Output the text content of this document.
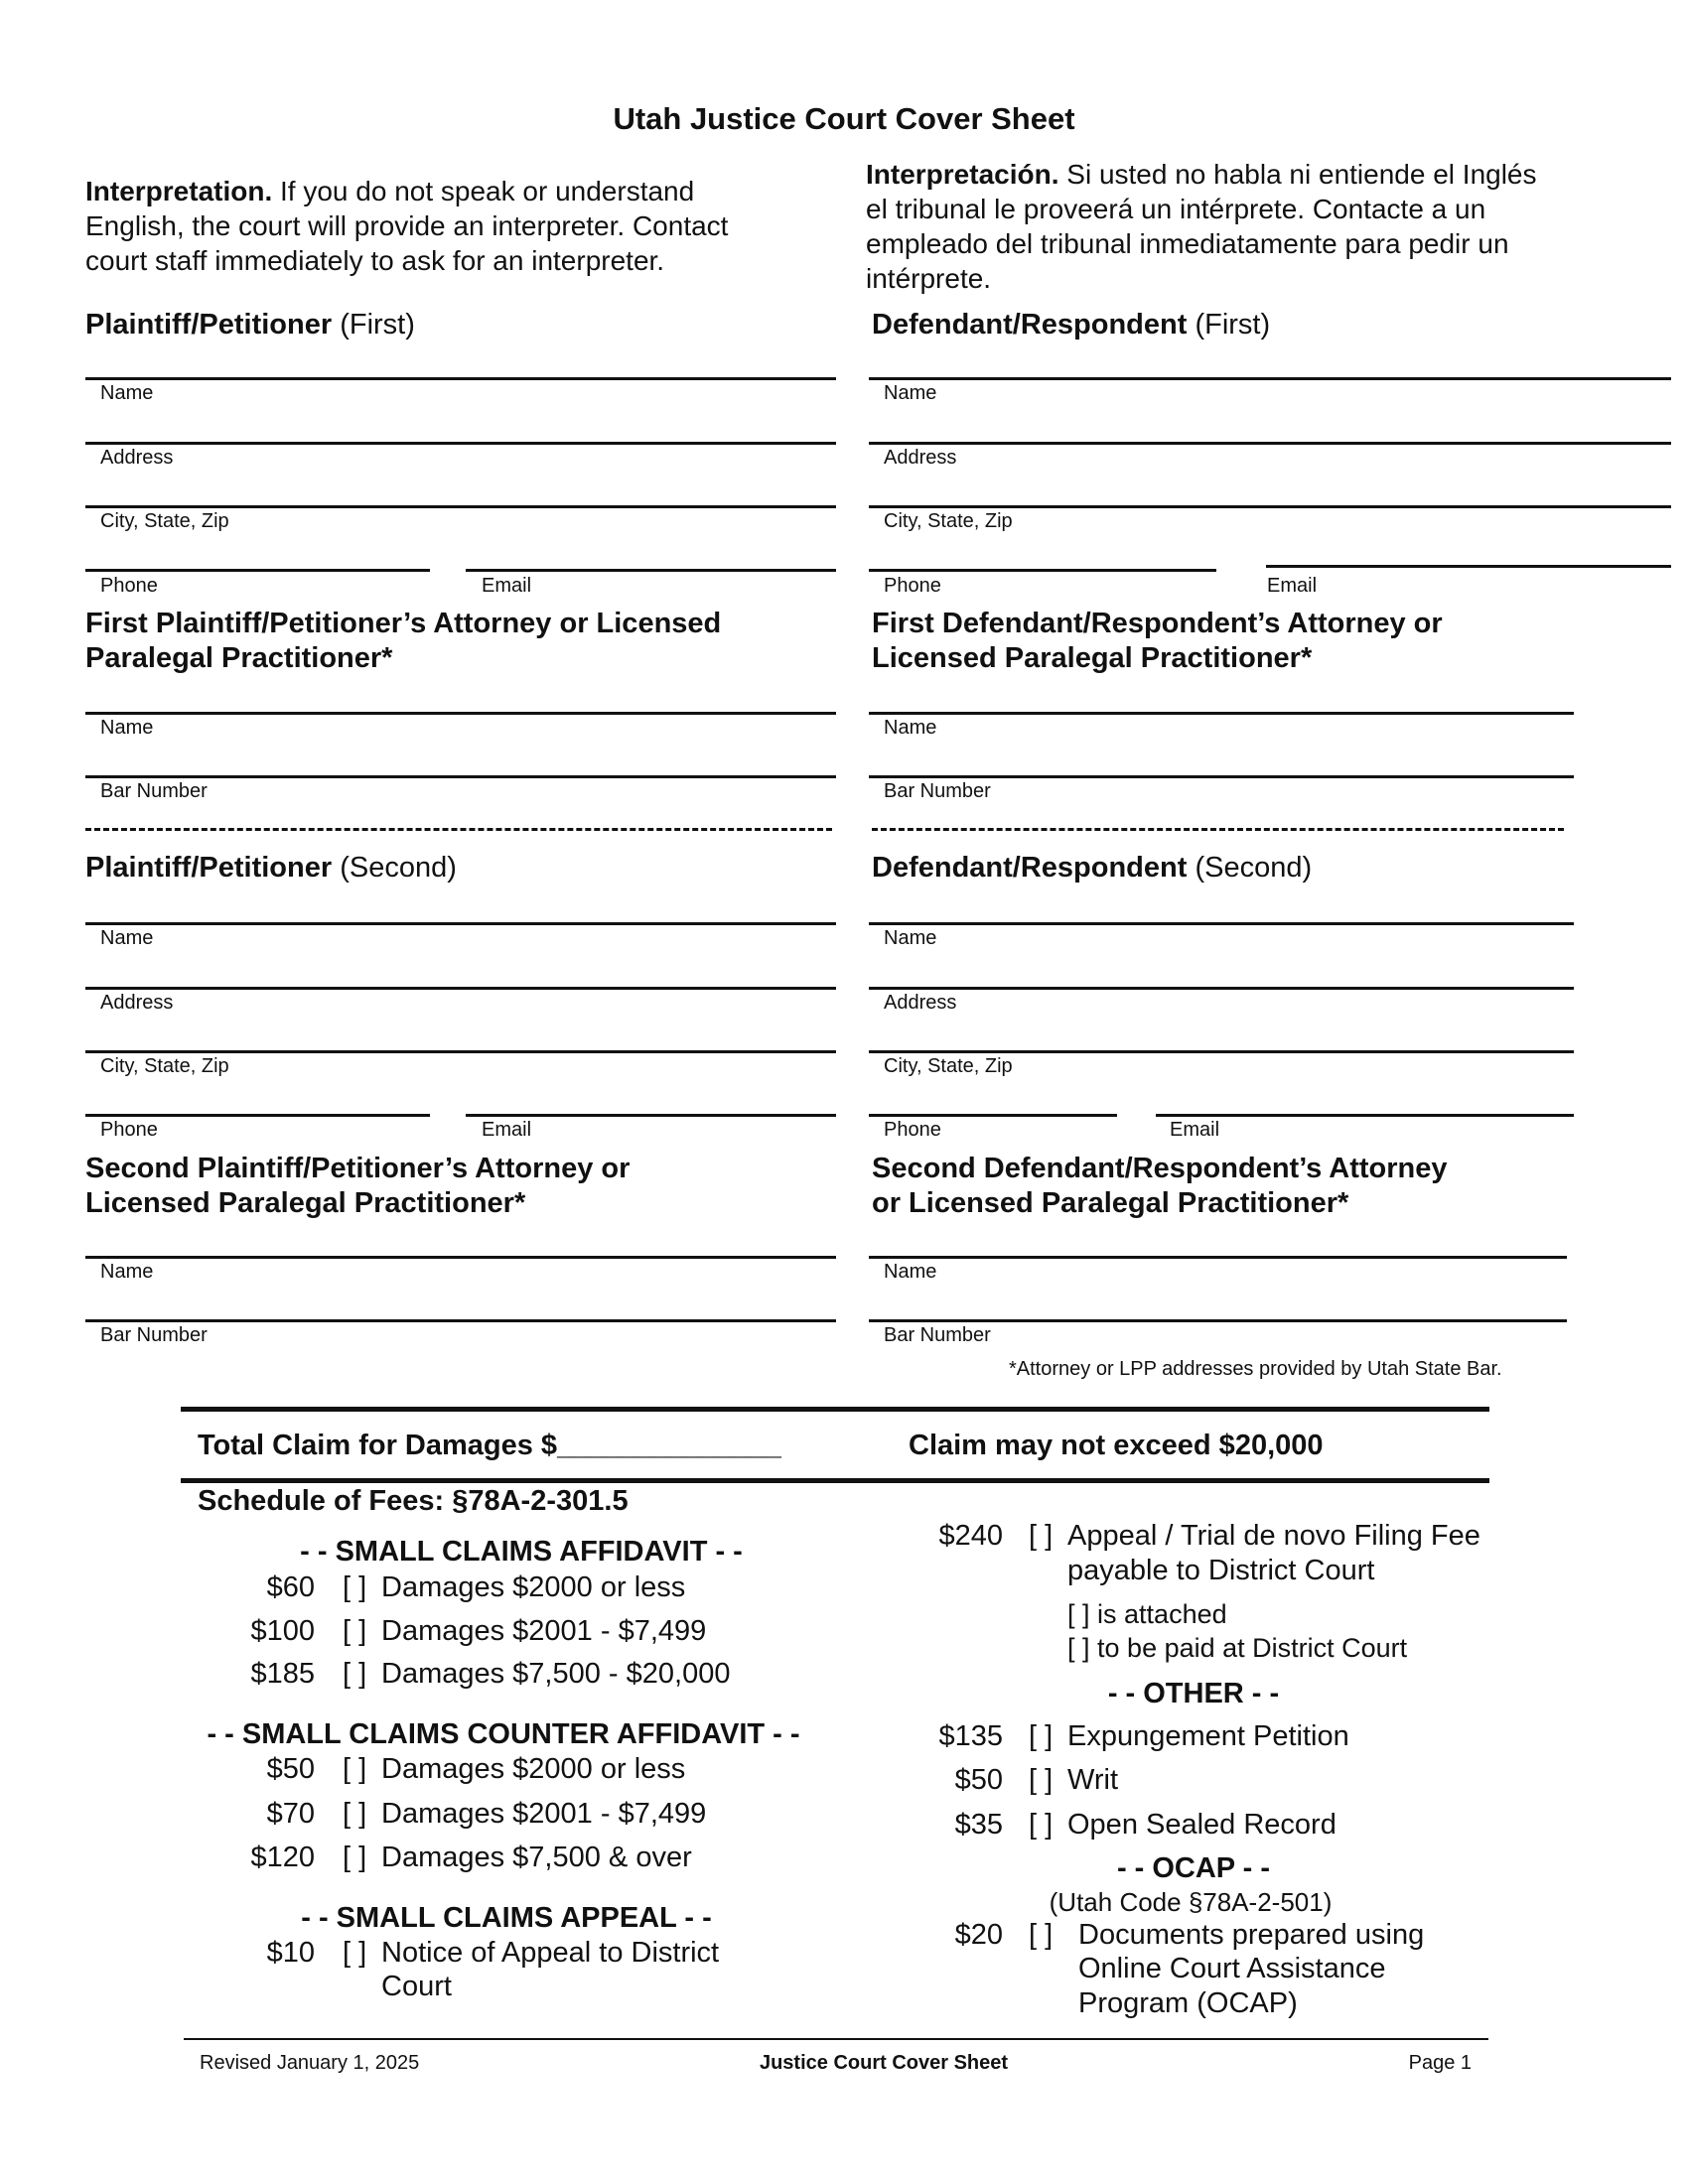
Utah Justice Court Cover Sheet
Interpretation. If you do not speak or understand
English, the court will provide an interpreter. Contact
court staff immediately to ask for an interpreter.
Interpretación. Si usted no habla ni entiende el Inglés
el tribunal le proveerá un intérprete. Contacte a un
empleado del tribunal inmediatamente para pedir un
intérprete.
Plaintiff/Petitioner (First)
Name
Address
City, State, Zip
Phone	Email
Defendant/Respondent (First)
Name
Address
City, State, Zip
Phone	Email
First Plaintiff/Petitioner’s Attorney or Licensed
Paralegal Practitioner*
Name
Bar Number
First Defendant/Respondent’s Attorney or
Licensed Paralegal Practitioner*
Name
Bar Number
Plaintiff/Petitioner (Second)
Name
Address
City, State, Zip
Phone	Email
Defendant/Respondent (Second)
Name
Address
City, State, Zip
Phone	Email
Second Plaintiff/Petitioner’s Attorney or
Licensed Paralegal Practitioner*
Name
Bar Number
Second Defendant/Respondent’s Attorney
or Licensed Paralegal Practitioner*
Name
Bar Number
*Attorney or LPP addresses provided by Utah State Bar.
Total Claim for Damages $______________	Claim may not exceed $20,000
Schedule of Fees: §78A-2-301.5
- - SMALL CLAIMS AFFIDAVIT - -
$60 [ ] Damages $2000 or less
$100 [ ] Damages $2001 - $7,499
$185 [ ] Damages $7,500 - $20,000
- - SMALL CLAIMS COUNTER AFFIDAVIT - -
$50 [ ] Damages $2000 or less
$70 [ ] Damages $2001 - $7,499
$120 [ ] Damages $7,500 & over
- - SMALL CLAIMS APPEAL - -
$10 [ ] Notice of Appeal to District
Court
$240 [ ] Appeal / Trial de novo Filing Fee
payable to District Court
[ ] is attached
[ ] to be paid at District Court
- - OTHER - -
$135 [ ] Expungement Petition
$50 [ ] Writ
$35 [ ] Open Sealed Record
- - OCAP - -
(Utah Code §78A-2-501)
$20 [ ] Documents prepared using
Online Court Assistance
Program (OCAP)
Revised January 1, 2025	Justice Court Cover Sheet	Page 1
